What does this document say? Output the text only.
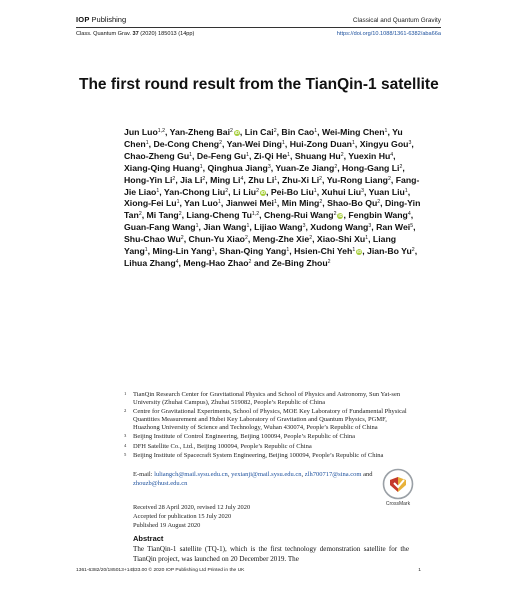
IOP Publishing	Classical and Quantum Gravity
Class. Quantum Grav. 37 (2020) 185013 (14pp)	https://doi.org/10.1088/1361-6382/aba66a
The first round result from the TianQin-1 satellite
Jun Luo$^{1,2}$, Yan-Zheng Bai$^2$ iD, Lin Cai$^2$, Bin Cao$^1$, Wei-Ming Chen$^1$, Yu Chen$^1$, De-Cong Cheng$^2$, Yan-Wei Ding$^1$, Hui-Zong Duan$^1$, Xingyu Gou$^3$, Chao-Zheng Gu$^1$, De-Feng Gu$^1$, Zi-Qi He$^1$, Shuang Hu$^2$, Yuexin Hu$^4$, Xiang-Qing Huang$^1$, Qinghua Jiang$^3$, Yuan-Ze Jiang$^2$, Hong-Gang Li$^2$, Hong-Yin Li$^2$, Jia Li$^2$, Ming Li$^4$, Zhu Li$^1$, Zhu-Xi Li$^2$, Yu-Rong Liang$^2$, Fang-Jie Liao$^1$, Yan-Chong Liu$^2$, Li Liu$^2$ iD, Pei-Bo Liu$^1$, Xuhui Liu$^3$, Yuan Liu$^1$, Xiong-Fei Lu$^1$, Yan Luo$^1$, Jianwei Mei$^1$, Min Ming$^2$, Shao-Bo Qu$^2$, Ding-Yin Tan$^2$, Mi Tang$^2$, Liang-Cheng Tu$^{1,2}$, Cheng-Rui Wang$^2$ iD, Fengbin Wang$^4$, Guan-Fang Wang$^1$, Jian Wang$^1$, Lijiao Wang$^3$, Xudong Wang$^3$, Ran Wei$^5$, Shu-Chao Wu$^2$, Chun-Yu Xiao$^2$, Meng-Zhe Xie$^2$, Xiao-Shi Xu$^1$, Liang Yang$^1$, Ming-Lin Yang$^1$, Shan-Qing Yang$^1$, Hsien-Chi Yeh$^1$ iD, Jian-Bo Yu$^2$, Lihua Zhang$^4$, Meng-Hao Zhao$^2$ and Ze-Bing Zhou$^2$
1	TianQin Research Center for Gravitational Physics and School of Physics and Astronomy, Sun Yat-sen University (Zhuhai Campus), Zhuhai 519082, People’s Republic of China
2	Centre for Gravitational Experiments, School of Physics, MOE Key Laboratory of Fundamental Physical Quantities Measurement and Hubei Key Laboratory of Gravitation and Quantum Physics, PGMF, Huazhong University of Science and Technology, Wuhan 430074, People’s Republic of China
3	Beijing Institute of Control Engineering, Beijing 100094, People’s Republic of China
4	DFH Satellite Co., Ltd., Beijing 100094, People’s Republic of China
5	Beijing Institute of Spacecraft System Engineering, Beijing 100094, People’s Republic of China
E-mail: luliangch@mail.sysu.edu.cn, yexianji@mail.sysu.edu.cn, zlh700717@sina.com and zhouzb@hust.edu.cn
Received 28 April 2020, revised 12 July 2020
Accepted for publication 15 July 2020
Published 19 August 2020
CrossMark
Abstract
The TianQin-1 satellite (TQ-1), which is the first technology demonstration satellite for the TianQin project, was launched on 20 December 2019. The
1361-6382/20/185013+14$33.00 © 2020 IOP Publishing Ltd Printed in the UK	1
